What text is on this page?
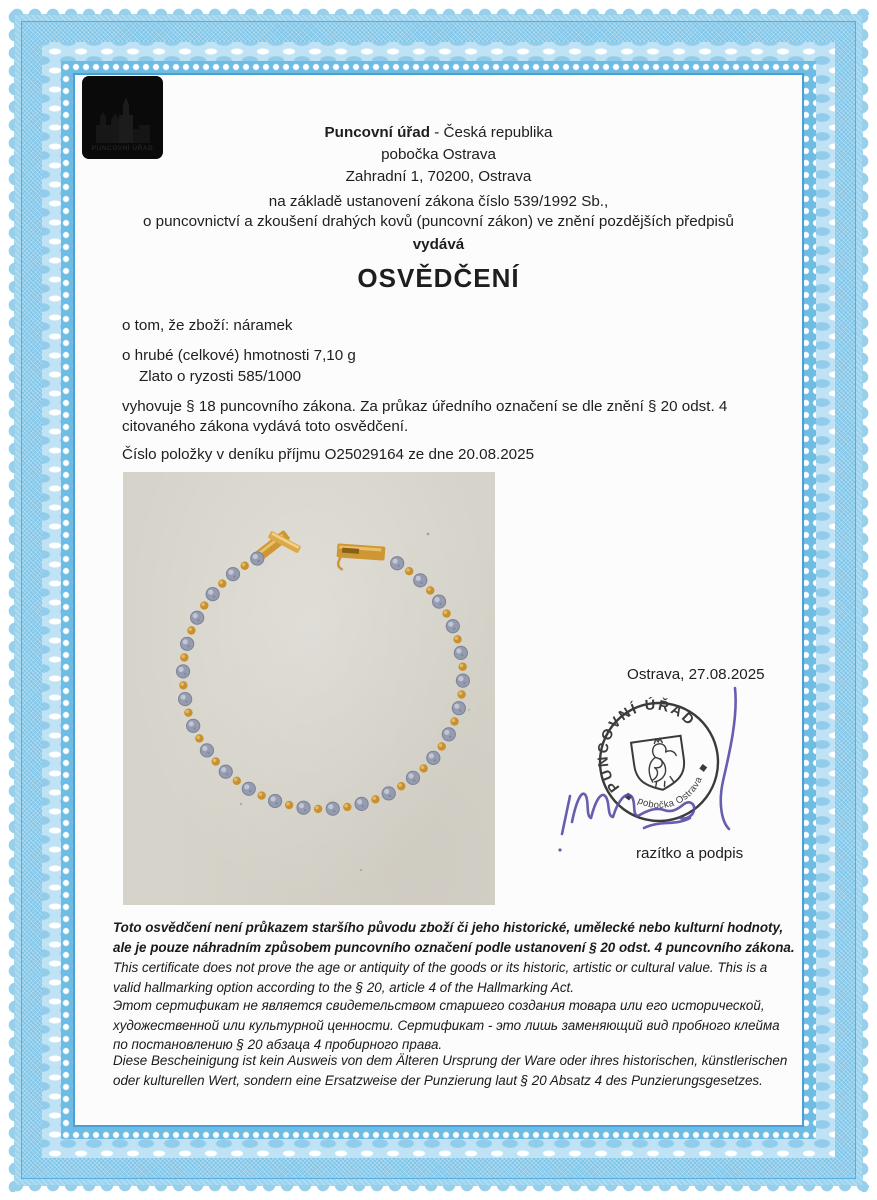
PUNCOVNÍ ÚŘAD
Puncovní úřad - Česká republika
pobočka Ostrava
Zahradní 1, 70200, Ostrava
na základě ustanovení zákona číslo 539/1992 Sb.,
o puncovnictví a zkoušení drahých kovů (puncovní zákon) ve znění pozdějších předpisů
vydává
OSVĚDČENÍ
o tom, že zboží: náramek
o hrubé (celkové) hmotnosti 7,10 g
Zlato o ryzosti 585/1000
vyhovuje § 18 puncovního zákona. Za průkaz úředního označení se dle znění § 20 odst. 4
citovaného zákona vydává toto osvědčení.
Číslo položky v deníku příjmu O25029164 ze dne 20.08.2025
Ostrava, 27.08.2025
PUNCOVNÍ ÚŘAD
pobočka Ostrava
razítko a podpis

Toto osvědčení není průkazem staršího původu zboží či jeho historické, umělecké nebo kulturní hodnoty, ale je pouze náhradním způsobem puncovního označení podle ustanovení § 20 odst. 4 puncovního zákona.

This certificate does not prove the age or antiquity of the goods or its historic, artistic or cultural value. This is a valid hallmarking option according to the § 20, article 4 of the Hallmarking Act.

Этот сертификат не является свидетельством старшего создания товара или его исторической, художественной или культурной ценности. Сертификат - это лишь заменяющий вид пробного клейма по постановлению § 20 абзаца 4 пробирного права.

Diese Bescheinigung ist kein Ausweis von dem Älteren Ursprung der Ware oder ihres historischen, künstlerischen oder kulturellen Wert, sondern eine Ersatzweise der Punzierung laut § 20 Absatz 4 des Punzierungsgesetzes.
